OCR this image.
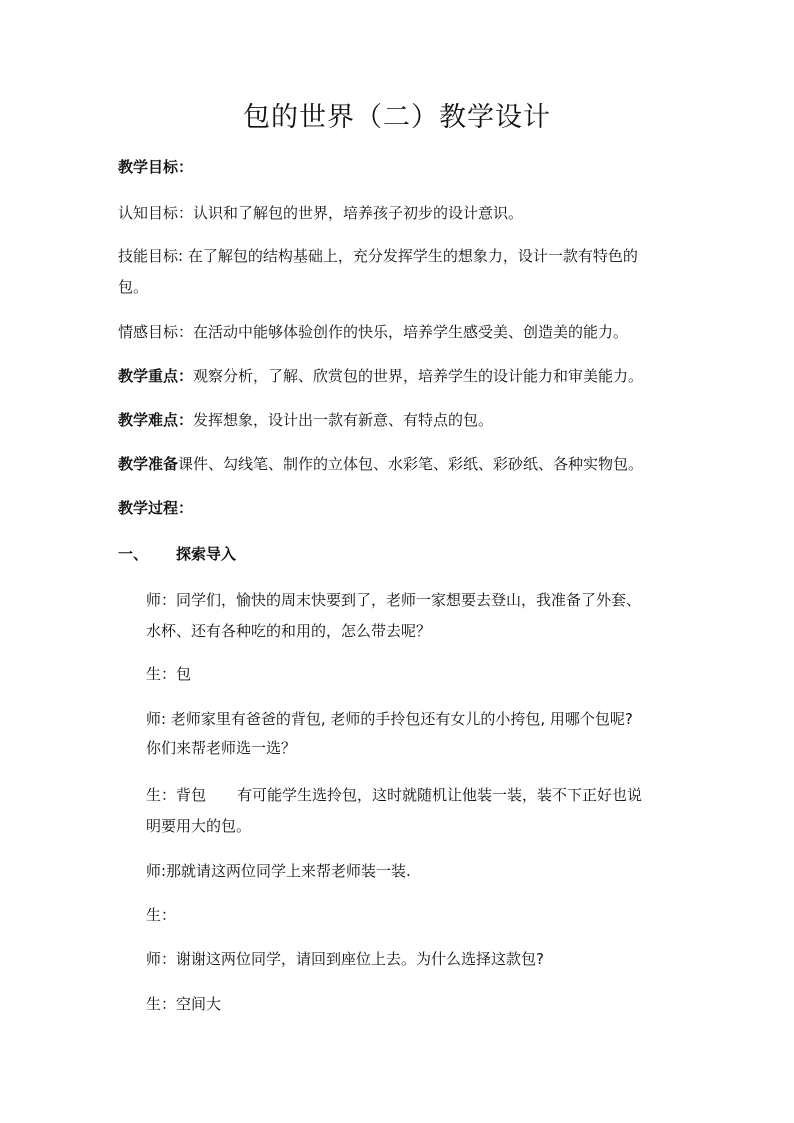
包的世界（二）教学设计
教学目标：
认知目标：认识和了解包的世界，培养孩子初步的设计意识。
技能目标: 在了解包的结构基础上，充分发挥学生的想象力，设计一款有特色的
包。
情感目标：在活动中能够体验创作的快乐，培养学生感受美、创造美的能力。
教学重点：观察分析，了解、欣赏包的世界，培养学生的设计能力和审美能力。
教学难点：发挥想象，设计出一款有新意、有特点的包。
教学准备课件、勾线笔、制作的立体包、水彩笔、彩纸、彩砂纸、各种实物包。
教学过程：
一、 探索导入
师：同学们，愉快的周末快要到了，老师一家想要去登山，我准备了外套、
水杯、还有各种吃的和用的，怎么带去呢？
生：包
师: 老师家里有爸爸的背包, 老师的手拎包还有女儿的小挎包, 用哪个包呢?
你们来帮老师选一选？
生：背包 有可能学生选拎包，这时就随机让他装一装，装不下正好也说
明要用大的包。
师:那就请这两位同学上来帮老师装一装.
生：
师：谢谢这两位同学，请回到座位上去。为什么选择这款包?
生：空间大
